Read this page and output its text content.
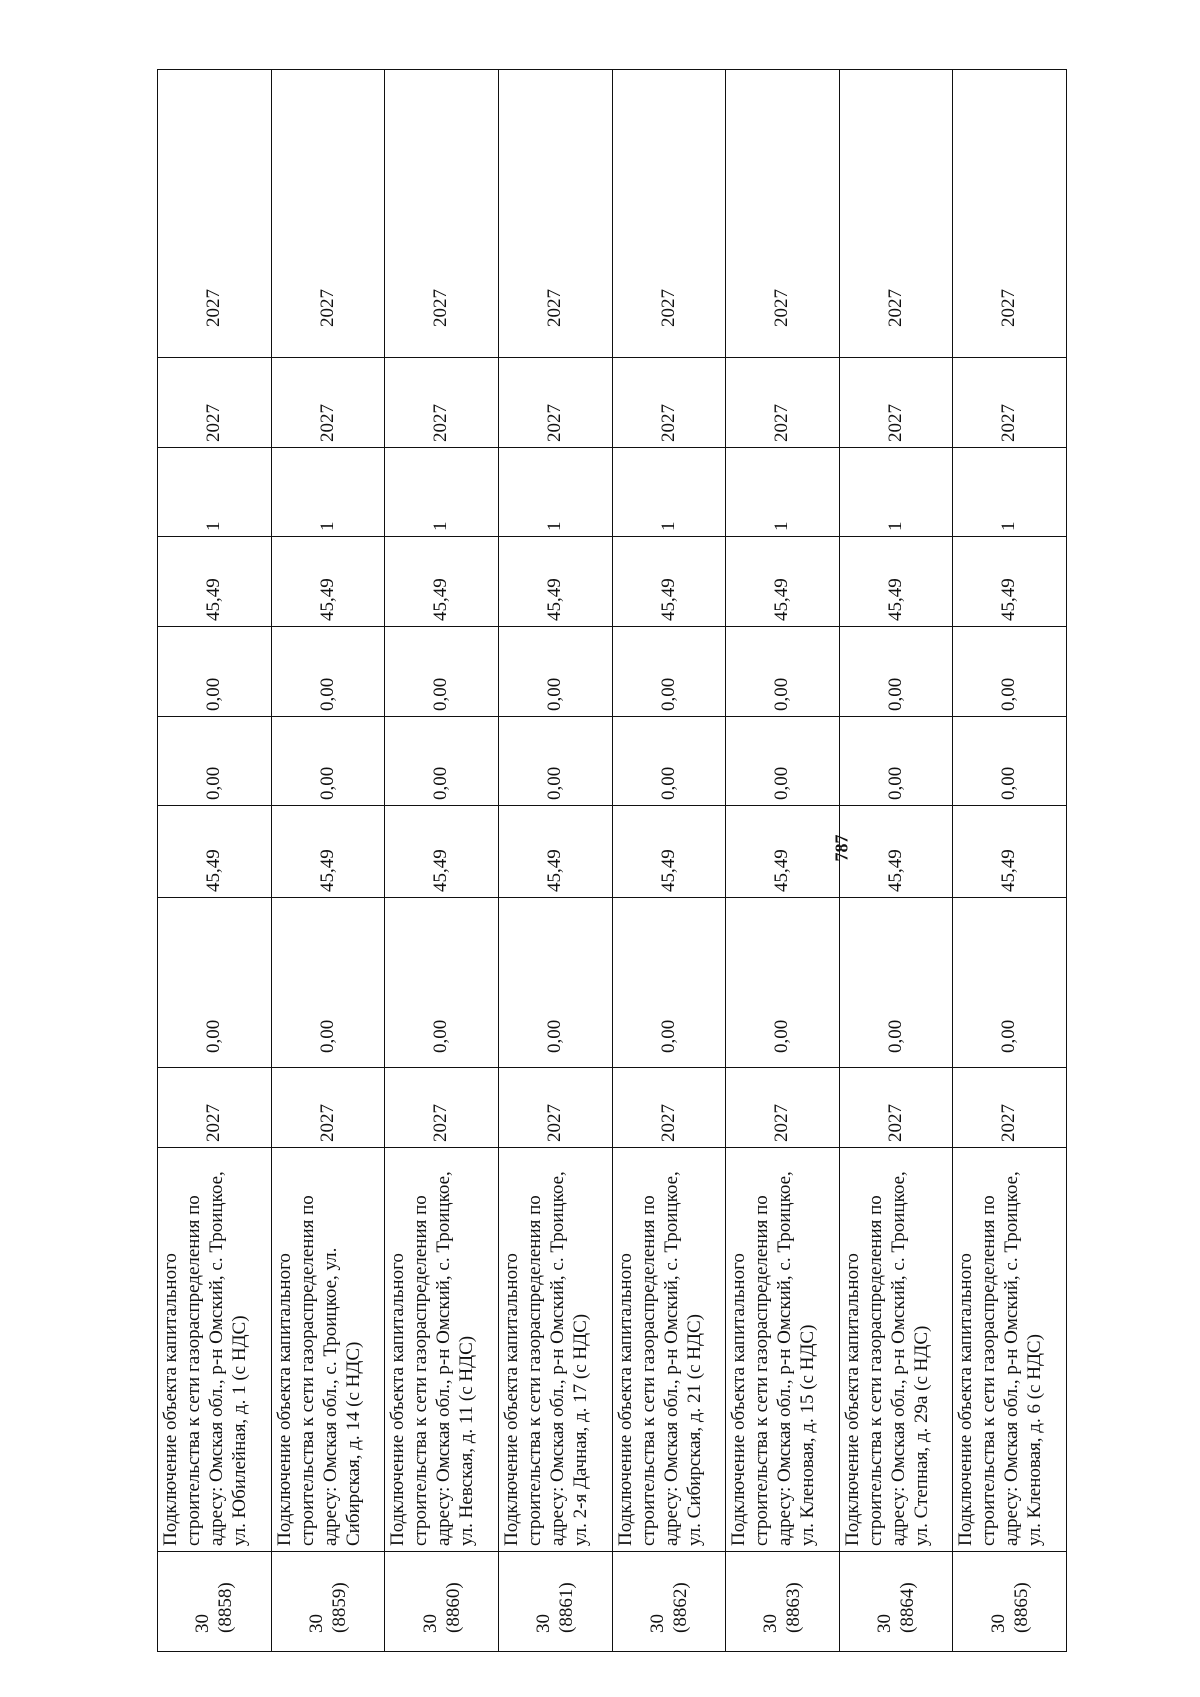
787
30 (8858)	Подключение объекта капитального строительства к сети газораспределения по адресу: Омская обл., р-н Омский, с. Троицкое, ул. Юбилейная, д. 1 (с НДС)	2027	0,00	45,49	0,00	0,00	45,49	1	2027	2027

30 (8859)	Подключение объекта капитального строительства к сети газораспределения по адресу: Омская обл., с. Троицкое, ул. Сибирская, д. 14 (с НДС)	2027	0,00	45,49	0,00	0,00	45,49	1	2027	2027

30 (8860)	Подключение объекта капитального строительства к сети газораспределения по адресу: Омская обл., р-н Омский, с. Троицкое, ул. Невская, д. 11 (с НДС)	2027	0,00	45,49	0,00	0,00	45,49	1	2027	2027

30 (8861)	Подключение объекта капитального строительства к сети газораспределения по адресу: Омская обл., р-н Омский, с. Троицкое, ул. 2-я Дачная, д. 17 (с НДС)	2027	0,00	45,49	0,00	0,00	45,49	1	2027	2027

30 (8862)	Подключение объекта капитального строительства к сети газораспределения по адресу: Омская обл., р-н Омский, с. Троицкое, ул. Сибирская, д. 21 (с НДС)	2027	0,00	45,49	0,00	0,00	45,49	1	2027	2027

30 (8863)	Подключение объекта капитального строительства к сети газораспределения по адресу: Омская обл., р-н Омский, с. Троицкое, ул. Кленовая, д. 15 (с НДС)	2027	0,00	45,49	0,00	0,00	45,49	1	2027	2027

30 (8864)	Подключение объекта капитального строительства к сети газораспределения по адресу: Омская обл., р-н Омский, с. Троицкое, ул. Степная, д. 29а (с НДС)	2027	0,00	45,49	0,00	0,00	45,49	1	2027	2027

30 (8865)	Подключение объекта капитального строительства к сети газораспределения по адресу: Омская обл., р-н Омский, с. Троицкое, ул. Кленовая, д. 6 (с НДС)	2027	0,00	45,49	0,00	0,00	45,49	1	2027	2027
